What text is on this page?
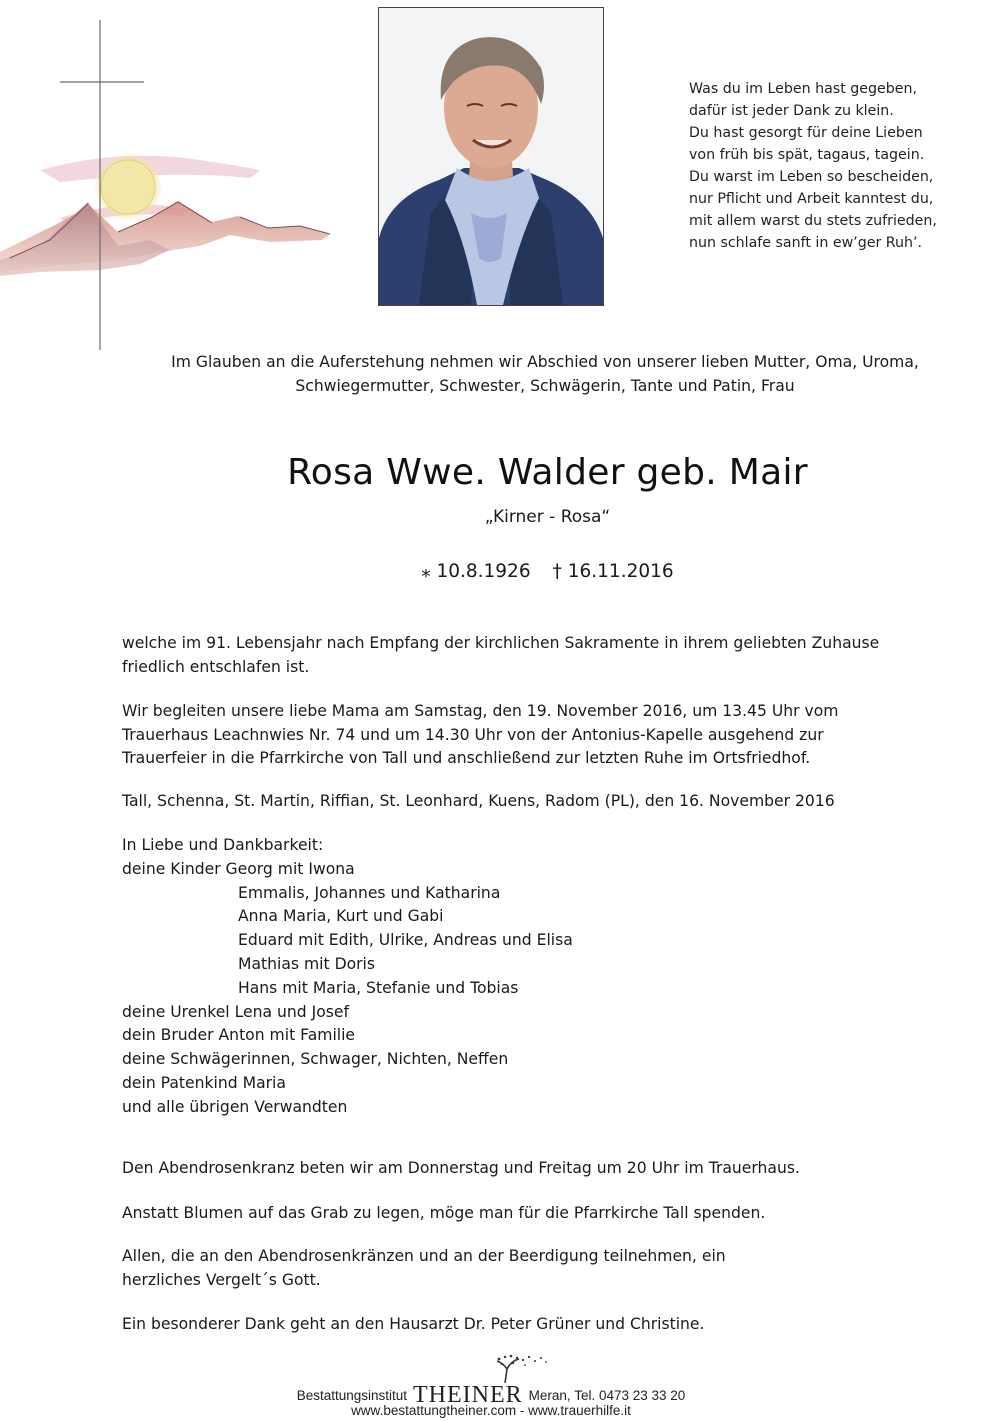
Was du im Leben hast gegeben,
dafür ist jeder Dank zu klein.
Du hast gesorgt für deine Lieben
von früh bis spät, tagaus, tagein.
Du warst im Leben so bescheiden,
nur Pflicht und Arbeit kanntest du,
mit allem warst du stets zufrieden,
nun schlafe sanft in ew’ger Ruh’.
Im Glauben an die Auferstehung nehmen wir Abschied von unserer lieben Mutter, Oma, Uroma,
Schwiegermutter, Schwester, Schwägerin, Tante und Patin, Frau
Rosa Wwe. Walder geb. Mair
„Kirner - Rosa“
⁎ 10.8.1926 † 16.11.2016

welche im 91. Lebensjahr nach Empfang der kirchlichen Sakramente in ihrem geliebten Zuhause

friedlich entschlafen ist.

Wir begleiten unsere liebe Mama am Samstag, den 19. November 2016, um 13.45 Uhr vom

Trauerhaus Leachnwies Nr. 74 und um 14.30 Uhr von der Antonius-Kapelle ausgehend zur

Trauerfeier in die Pfarrkirche von Tall und anschließend zur letzten Ruhe im Ortsfriedhof.

Tall, Schenna, St. Martin, Riffian, St. Leonhard, Kuens, Radom (PL), den 16. November 2016
In Liebe und Dankbarkeit:
deine Kinder Georg mit Iwona
Emmalis, Johannes und Katharina
Anna Maria, Kurt und Gabi
Eduard mit Edith, Ulrike, Andreas und Elisa
Mathias mit Doris
Hans mit Maria, Stefanie und Tobias
deine Urenkel Lena und Josef
dein Bruder Anton mit Familie
deine Schwägerinnen, Schwager, Nichten, Neffen
dein Patenkind Maria
und alle übrigen Verwandten
Den Abendrosenkranz beten wir am Donnerstag und Freitag um 20 Uhr im Trauerhaus.
Anstatt Blumen auf das Grab zu legen, möge man für die Pfarrkirche Tall spenden.

Allen, die an den Abendrosenkränzen und an der Beerdigung teilnehmen, ein

herzliches Vergelt´s Gott.

Ein besonderer Dank geht an den Hausarzt Dr. Peter Grüner und Christine.
Bestattungsinstitut THEINER Meran, Tel. 0473 23 33 20
www.bestattungtheiner.com - www.trauerhilfe.it
